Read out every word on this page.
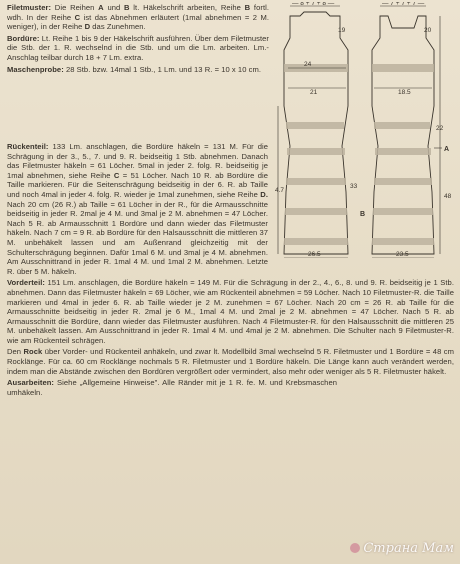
Filetmuster: Die Reihen A und B lt. Häkelschrift arbeiten, Reihe B fortl. wdh. In der Reihe C ist das Abnehmen erläutert (1mal abnehmen = 2 M. weniger), in der Reihe D das Zunehmen.

Bordüre: Lt. Reihe 1 bis 9 der Häkelschrift ausführen. Über dem Filetmuster die Stb. der 1. R. wechselnd in die Stb. und um die Lm. arbeiten. Lm.-Anschlag teilbar durch 18 + 7 Lm. extra.

Maschenprobe: 28 Stb. bzw. 14mal 1 Stb., 1 Lm. und 13 R. = 10 x 10 cm.

Rückenteil: 133 Lm. anschlagen, die Bordüre häkeln = 131 M. Für die Schrägung in der 3., 5., 7. und 9. R. beidseitig 1 Stb. abnehmen. Danach das Filetmuster häkeln = 61 Löcher. 5mal in jeder 2. folg. R. beidseitig je 1mal abnehmen, siehe Reihe C = 51 Löcher. Nach 10 R. ab Bordüre die Taille markieren. Für die Seitenschrägung beidseitig in der 6. R. ab Taille und noch 4mal in jeder 4. folg. R. wieder je 1mal zunehmen, siehe Reihe D. Nach 20 cm (26 R.) ab Taille = 61 Löcher in der R., für die Armausschnitte beidseitig in jeder R. 2mal je 4 M. und 3mal je 2 M. abnehmen = 47 Löcher. Nach 5 R. ab Armausschnitt 1 Bordüre und dann wieder das Filetmuster häkeln. Nach 7 cm = 9 R. ab Bordüre für den Halsausschnitt die mittleren 37 M. unbehäkelt lassen und am Außenrand gleichzeitig mit der Schulterschrägung beginnen. Dafür 1mal 6 M. und 3mal je 4 M. abnehmen. Am Ausschnittrand in jeder R. 1mal 4 M. und 1mal 2 M. abnehmen. Letzte R. über 5 M. häkeln.

Vorderteil: 151 Lm. anschlagen, die Bordüre häkeln = 149 M. Für die Schrägung in der 2., 4., 6., 8. und 9. R. beidseitig je 1 Stb. abnehmen. Dann das Filetmuster häkeln = 69 Löcher, wie am Rückenteil abnehmen = 59 Löcher. Nach 10 Filetmuster-R. die Taille markieren und 4mal in jeder 6. R. ab Taille wieder je 2 M. zunehmen = 67 Löcher. Nach 20 cm = 26 R. ab Taille für die Armausschnitte beidseitig in jeder R. 2mal je 6 M., 1mal 4 M. und 2mal je 2 M. abnehmen = 47 Löcher. Nach 5 R. ab Armausschnitt die Bordüre, dann wieder das Filetmuster ausführen. Nach 4 Filetmuster-R. für den Halsausschnitt die mittleren 25 M. unbehäkelt lassen. Am Ausschnittrand in jeder R. 1mal 4 M. und 4mal je 2 M. abnehmen. Die Schulter nach 9 Filetmuster-R. wie am Rückenteil schrägen.

Den Rock über Vorder- und Rückenteil anhäkeln, und zwar lt. Modellbild 3mal wechselnd 5 R. Filetmuster und 1 Bordüre = 48 cm Rocklänge. Für ca. 60 cm Rocklänge nochmals 5 R. Filetmuster und 1 Bordüre häkeln. Die Länge kann auch verändert werden, indem man die Abstände zwischen den Bordüren vergrößert oder vermindert, also mehr oder weniger als 5 R. Filetmuster häkelt.

Ausarbeiten: Siehe „Allgemeine Hinweise". Alle Ränder mit je 1 R. fe. M. und Krebsmaschen umhäkeln.

— 8 + 7 + 8 —	— 7 + 7 + 7 —
19
24
21	18.5
20
33
22
26.5	23.5
A
B
48
4.7
Страна Мам
